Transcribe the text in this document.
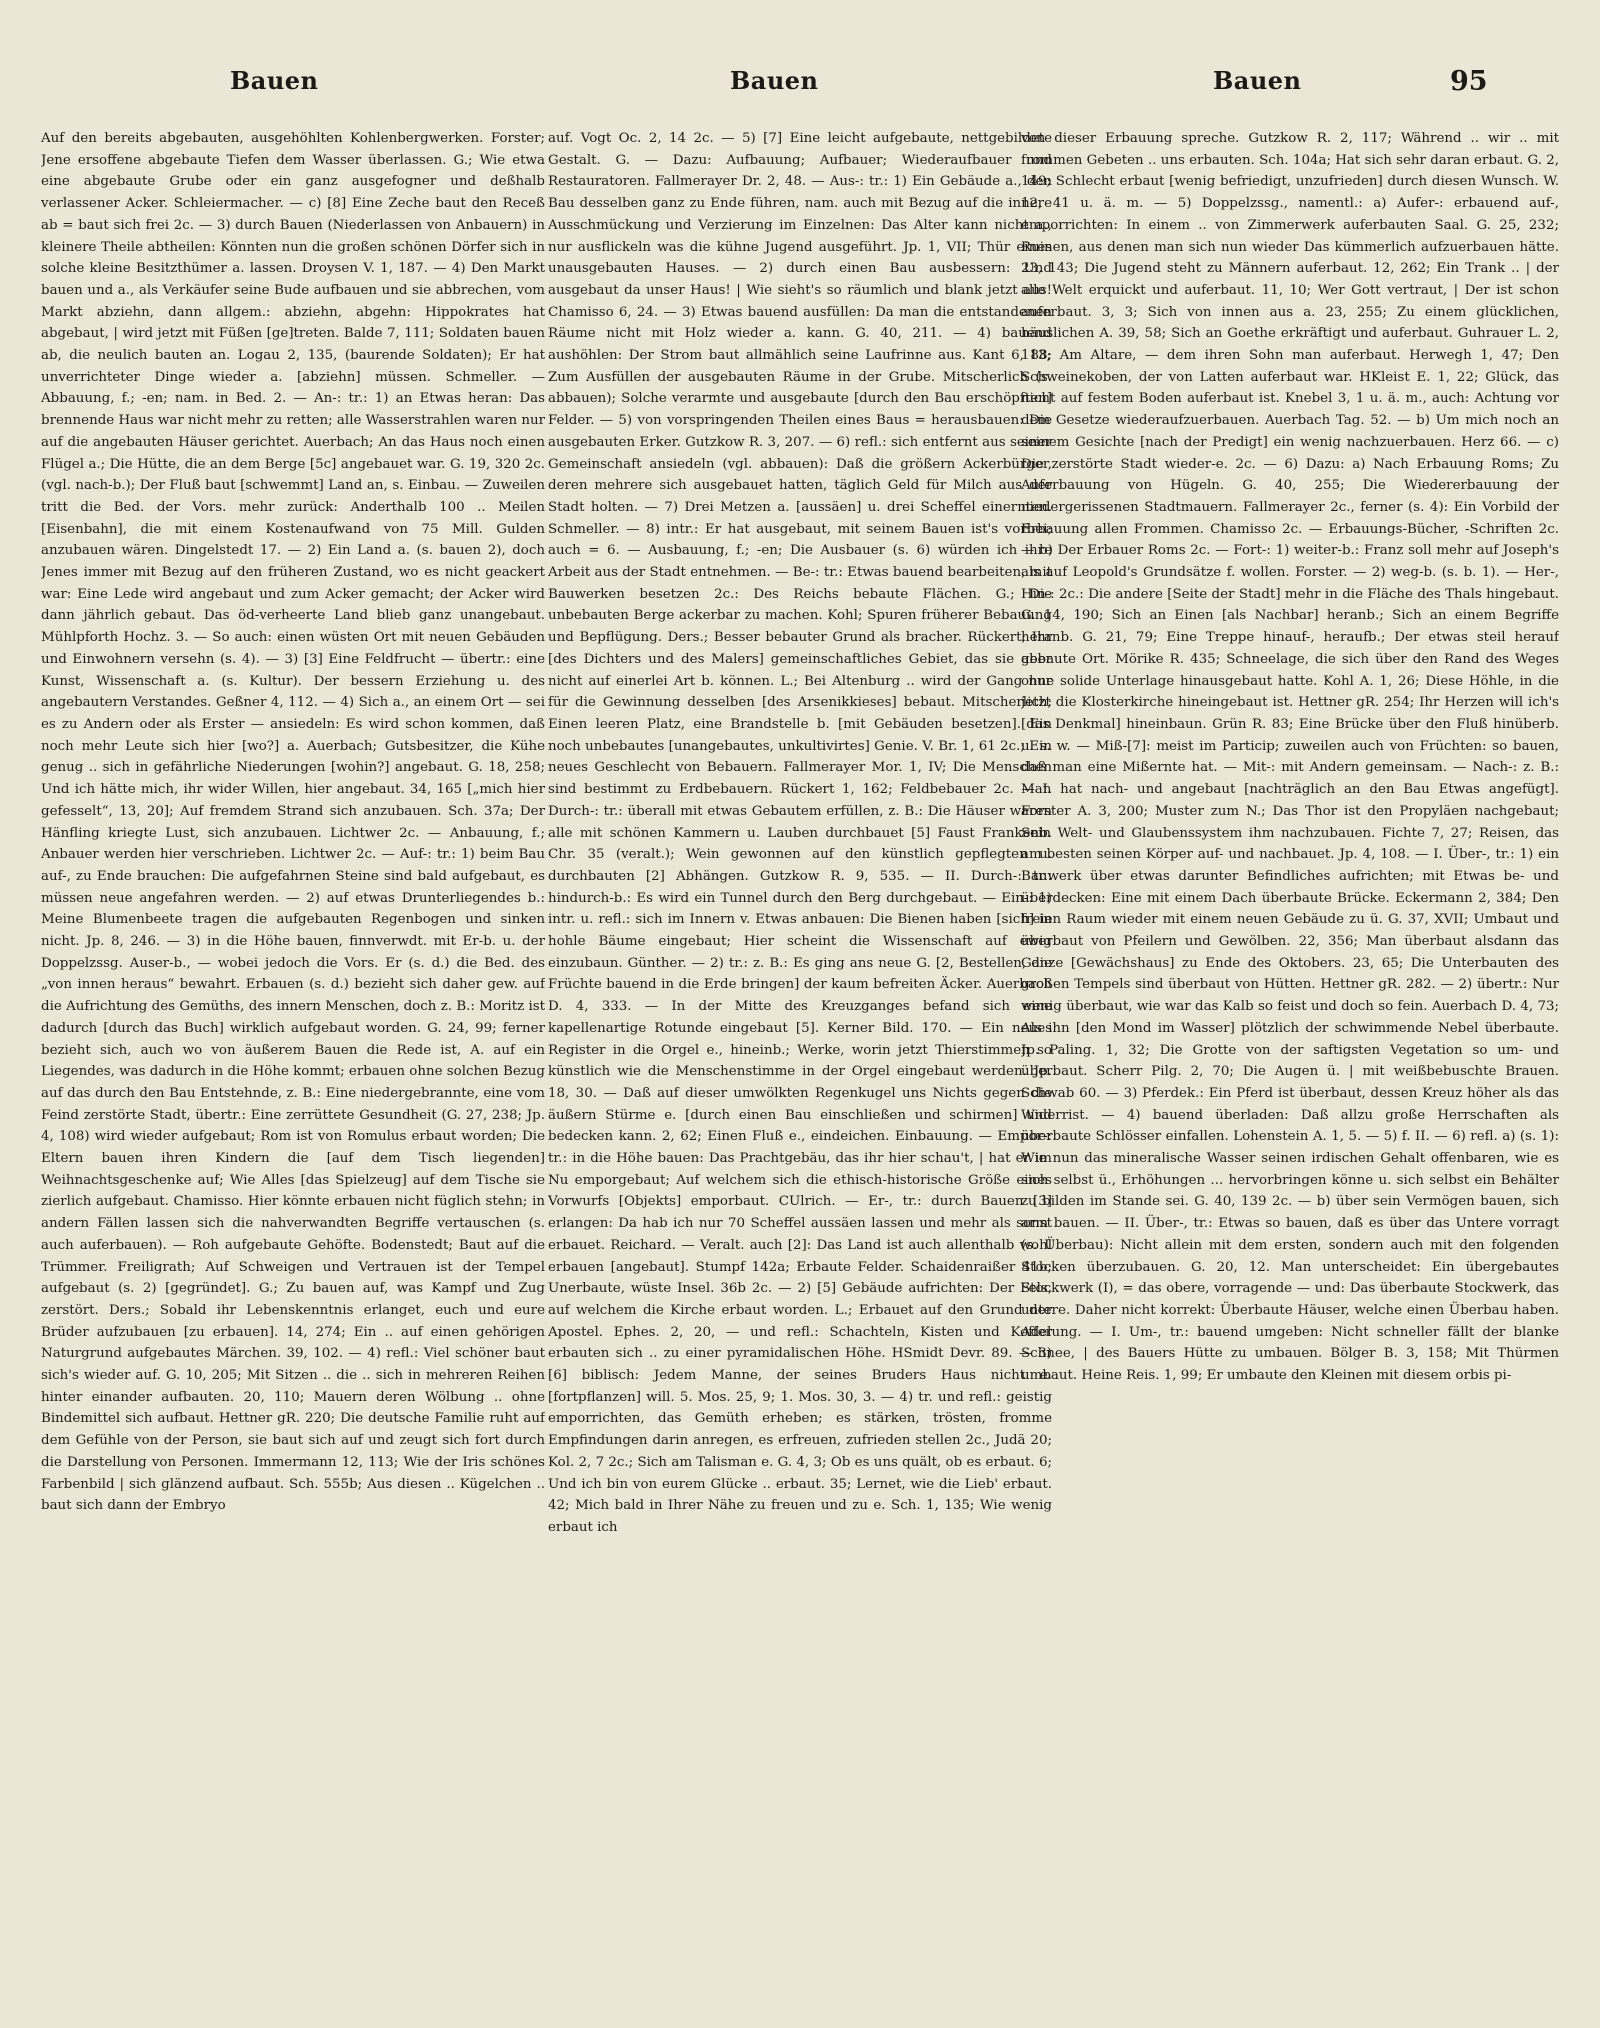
Bauen	Bauen	Bauen	95

Auf den bereits abgebauten, ausgehöhlten Kohlenbergwerken. Forster; Jene ersoffene abgebaute Tiefen dem Wasser überlassen. G.; Wie etwa eine abgebaute Grube oder ein ganz ausgefogner und deßhalb verlassener Acker. Schleiermacher. — c) [8] Eine Zeche baut den Receß ab = baut sich frei 2c. — 3) durch Bauen (Niederlassen von Anbauern) in kleinere Theile abtheilen: Könnten nun die großen schönen Dörfer sich in solche kleine Besitzthümer a. lassen. Droysen V. 1, 187. — 4) Den Markt bauen und a., als Verkäufer seine Bude aufbauen und sie abbrechen, vom Markt abziehn, dann allgem.: abziehn, abgehn: Hippokrates hat abgebaut, | wird jetzt mit Füßen [ge]treten. Balde 7, 111; Soldaten bauen ab, die neulich bauten an. Logau 2, 135, (baurende Soldaten); Er hat unverrichteter Dinge wieder a. [abziehn] müssen. Schmeller. — Abbauung, f.; -en; nam. in Bed. 2. — An-: tr.: 1) an Etwas heran: Das brennende Haus war nicht mehr zu retten; alle Wasserstrahlen waren nur auf die angebauten Häuser gerichtet. Auerbach; An das Haus noch einen Flügel a.; Die Hütte, die an dem Berge [5c] angebauet war. G. 19, 320 2c. (vgl. nach-b.); Der Fluß baut [schwemmt] Land an, s. Einbau. — Zuweilen tritt die Bed. der Vors. mehr zurück: Anderthalb 100 .. Meilen [Eisenbahn], die mit einem Kostenaufwand von 75 Mill. Gulden anzubauen wären. Dingelstedt 17. — 2) Ein Land a. (s. bauen 2), doch Jenes immer mit Bezug auf den früheren Zustand, wo es nicht geackert war: Eine Lede wird angebaut und zum Acker gemacht; der Acker wird dann jährlich gebaut. Das öd-verheerte Land blieb ganz unangebaut. Mühlpforth Hochz. 3. — So auch: einen wüsten Ort mit neuen Gebäuden und Einwohnern versehn (s. 4). — 3) [3] Eine Feldfrucht — übertr.: eine Kunst, Wissenschaft a. (s. Kultur). Der bessern Erziehung u. des angebautern Verstandes. Geßner 4, 112. — 4) Sich a., an einem Ort — sei es zu Andern oder als Erster — ansiedeln: Es wird schon kommen, daß noch mehr Leute sich hier [wo?] a. Auerbach; Gutsbesitzer, die Kühe genug .. sich in gefährliche Niederungen [wohin?] angebaut. G. 18, 258; Und ich hätte mich, ihr wider Willen, hier angebaut. 34, 165 [„mich hier gefesselt“, 13, 20]; Auf fremdem Strand sich anzubauen. Sch. 37a; Der Hänfling kriegte Lust, sich anzubauen. Lichtwer 2c. — Anbauung, f.; Anbauer werden hier verschrieben. Lichtwer 2c. — Auf-: tr.: 1) beim Bau auf-, zu Ende brauchen: Die aufgefahrnen Steine sind bald aufgebaut, es müssen neue angefahren werden. — 2) auf etwas Drunterliegendes b.: Meine Blumenbeete tragen die aufgebauten Regenbogen und sinken nicht. Jp. 8, 246. — 3) in die Höhe bauen, finnverwdt. mit Er-b. u. der Doppelzssg. Auser-b., — wobei jedoch die Vors. Er (s. d.) die Bed. des „von innen heraus“ bewahrt. Erbauen (s. d.) bezieht sich daher gew. auf die Aufrichtung des Gemüths, des innern Menschen, doch z. B.: Moritz ist dadurch [durch das Buch] wirklich aufgebaut worden. G. 24, 99; ferner bezieht sich, auch wo von äußerem Bauen die Rede ist, A. auf ein Liegendes, was dadurch in die Höhe kommt; erbauen ohne solchen Bezug auf das durch den Bau Entstehnde, z. B.: Eine niedergebrannte, eine vom Feind zerstörte Stadt, übertr.: Eine zerrüttete Gesundheit (G. 27, 238; Jp. 4, 108) wird wieder aufgebaut; Rom ist von Romulus erbaut worden; Die Eltern bauen ihren Kindern die [auf dem Tisch liegenden] Weihnachtsgeschenke auf; Wie Alles [das Spielzeug] auf dem Tische sie zierlich aufgebaut. Chamisso. Hier könnte erbauen nicht füglich stehn; in andern Fällen lassen sich die nahverwandten Begriffe vertauschen (s. auch auferbauen). — Roh aufgebaute Gehöfte. Bodenstedt; Baut auf die Trümmer. Freiligrath; Auf Schweigen und Vertrauen ist der Tempel aufgebaut (s. 2) [gegründet]. G.; Zu bauen auf, was Kampf und Zug zerstört. Ders.; Sobald ihr Lebenskenntnis erlanget, euch und eure Brüder aufzubauen [zu erbauen]. 14, 274; Ein .. auf einen gehörigen Naturgrund aufgebautes Märchen. 39, 102. — 4) refl.: Viel schöner baut sich's wieder auf. G. 10, 205; Mit Sitzen .. die .. sich in mehreren Reihen hinter einander aufbauten. 20, 110; Mauern deren Wölbung .. ohne Bindemittel sich aufbaut. Hettner gR. 220; Die deutsche Familie ruht auf dem Gefühle von der Person, sie baut sich auf und zeugt sich fort durch die Darstellung von Personen. Immermann 12, 113; Wie der Iris schönes Farbenbild | sich glänzend aufbaut. Sch. 555b; Aus diesen .. Kügelchen .. baut sich dann der Embryo

auf. Vogt Oc. 2, 14 2c. — 5) [7] Eine leicht aufgebaute, nettgebildete Gestalt. G. — Dazu: Aufbauung; Aufbauer; Wiederaufbauer und Restauratoren. Fallmerayer Dr. 2, 48. — Aus-: tr.: 1) Ein Gebäude a., den Bau desselben ganz zu Ende führen, nam. auch mit Bezug auf die innere Ausschmückung und Verzierung im Einzelnen: Das Alter kann nicht a., nur ausflickeln was die kühne Jugend ausgeführt. Jp. 1, VII; Thür eines unausgebauten Hauses. — 2) durch einen Bau ausbessern: Und ausgebaut da unser Haus! | Wie sieht's so räumlich und blank jetzt aus! Chamisso 6, 24. — 3) Etwas bauend ausfüllen: Da man die entstandenen Räume nicht mit Holz wieder a. kann. G. 40, 211. — 4) bauend aushöhlen: Der Strom baut allmählich seine Laufrinne aus. Kant 6, 88; Zum Ausfüllen der ausgebauten Räume in der Grube. Mitscherlich (s. abbauen); Solche verarmte und ausgebaute [durch den Bau erschöpften] Felder. — 5) von vorspringenden Theilen eines Baus = herausbauen: Die ausgebauten Erker. Gutzkow R. 3, 207. — 6) refl.: sich entfernt aus seiner Gemeinschaft ansiedeln (vgl. abbauen): Daß die größern Ackerbürger, deren mehrere sich ausgebauet hatten, täglich Geld für Milch aus der Stadt holten. — 7) Drei Metzen a. [aussäen] u. drei Scheffel einernten. Schmeller. — 8) intr.: Er hat ausgebaut, mit seinem Bauen ist's vorbei; auch = 6. — Ausbauung, f.; -en; Die Ausbauer (s. 6) würden ich ihre Arbeit aus der Stadt entnehmen. — Be-: tr.: Etwas bauend bearbeiten, mit Bauwerken besetzen 2c.: Des Reichs bebaute Flächen. G.; Die unbebauten Berge ackerbar zu machen. Kohl; Spuren früherer Bebauung und Bepflügung. Ders.; Besser bebauter Grund als bracher. Rückert; Ihr [des Dichters und des Malers] gemeinschaftliches Gebiet, das sie aber nicht auf einerlei Art b. können. L.; Bei Altenburg .. wird der Gang nur für die Gewinnung desselben [des Arsenikkieses] bebaut. Mitscherlich; Einen leeren Platz, eine Brandstelle b. [mit Gebäuden besetzen]. Ein noch unbebautes [unangebautes, unkultivirtes] Genie. V. Br. 1, 61 2c.; Ein neues Geschlecht von Bebauern. Fallmerayer Mor. 1, IV; Die Menschen sind bestimmt zu Erdbebauern. Rückert 1, 162; Feldbebauer 2c. — I. Durch-: tr.: überall mit etwas Gebautem erfüllen, z. B.: Die Häuser waren alle mit schönen Kammern u. Lauben durchbauet [5] Faust Frankenb. Chr. 35 (veralt.); Wein gewonnen auf den künstlich gepflegten u. durchbauten [2] Abhängen. Gutzkow R. 9, 535. — II. Durch-: tr.: hindurch-b.: Es wird ein Tunnel durch den Berg durchgebaut. — Ein-: 1) intr. u. refl.: sich im Innern v. Etwas anbauen: Die Bienen haben [sich] in hohle Bäume eingebaut; Hier scheint die Wissenschaft auf ewig einzubaun. Günther. — 2) tr.: z. B.: Es ging ans neue G. [2, Bestellen, die Früchte bauend in die Erde bringen] der kaum befreiten Äcker. Auerbach D. 4, 333. — In der Mitte des Kreuzganges befand sich eine kapellenartige Rotunde eingebaut [5]. Kerner Bild. 170. — Ein neues Register in die Orgel e., hineinb.; Werke, worin jetzt Thierstimmen so künstlich wie die Menschenstimme in der Orgel eingebaut werden. Jp. 18, 30. — Daß auf dieser umwölkten Regenkugel uns Nichts gegen die äußern Stürme e. [durch einen Bau einschließen und schirmen] und bedecken kann. 2, 62; Einen Fluß e., eindeichen. Einbauung. — Empor-: tr.: in die Höhe bauen: Das Prachtgebäu, das ihr hier schau't, | hat er im Nu emporgebaut; Auf welchem sich die ethisch-historische Größe eines Vorwurfs [Objekts] emporbaut. CUlrich. — Er-, tr.: durch Bauen [3] erlangen: Da hab ich nur 70 Scheffel aussäen lassen und mehr als sonst erbauet. Reichard. — Veralt. auch [2]: Das Land ist auch allenthalb wohl erbauen [angebaut]. Stumpf 142a; Erbaute Felder. Schaidenraißer 41b; Unerbaute, wüste Insel. 36b 2c. — 2) [5] Gebäude aufrichten: Der Fels, auf welchem die Kirche erbaut worden. L.; Erbauet auf den Grund der Apostel. Ephes. 2, 20, — und refl.: Schachteln, Kisten und Koffer erbauten sich .. zu einer pyramidalischen Höhe. HSmidt Devr. 89. — 3) [6] biblisch: Jedem Manne, der seines Bruders Haus nicht e. [fortpflanzen] will. 5. Mos. 25, 9; 1. Mos. 30, 3. — 4) tr. und refl.: geistig emporrichten, das Gemüth erheben; es stärken, trösten, fromme Empfindungen darin anregen, es erfreuen, zufrieden stellen 2c., Judä 20; Kol. 2, 7 2c.; Sich am Talisman e. G. 4, 3; Ob es uns quält, ob es erbaut. 6; Und ich bin von eurem Glücke .. erbaut. 35; Lernet, wie die Lieb' erbaut. 42; Mich bald in Ihrer Nähe zu freuen und zu e. Sch. 1, 135; Wie wenig erbaut ich

von dieser Erbauung spreche. Gutzkow R. 2, 117; Während .. wir .. mit frommen Gebeten .. uns erbauten. Sch. 104a; Hat sich sehr daran erbaut. G. 2, 149; Schlecht erbaut [wenig befriedigt, unzufrieden] durch diesen Wunsch. W. 12, 41 u. ä. m. — 5) Doppelzssg., namentl.: a) Aufer-: erbauend auf-, emporrichten: In einem .. von Zimmerwerk auferbauten Saal. G. 25, 232; Ruinen, aus denen man sich nun wieder Das kümmerlich aufzuerbauen hätte. 23, 143; Die Jugend steht zu Männern auferbaut. 12, 262; Ein Trank .. | der alle Welt erquickt und auferbaut. 11, 10; Wer Gott vertraut, | Der ist schon auferbaut. 3, 3; Sich von innen aus a. 23, 255; Zu einem glücklichen, häuslichen A. 39, 58; Sich an Goethe erkräftigt und auferbaut. Guhrauer L. 2, 113; Am Altare, — dem ihren Sohn man auferbaut. Herwegh 1, 47; Den Schweinekoben, der von Latten auferbaut war. HKleist E. 1, 22; Glück, das nicht auf festem Boden auferbaut ist. Knebel 3, 1 u. ä. m., auch: Achtung vor dem Gesetze wiederaufzuerbauen. Auerbach Tag. 52. — b) Um mich noch an seinem Gesichte [nach der Predigt] ein wenig nachzuerbauen. Herz 66. — c) Die zerstörte Stadt wieder-e. 2c. — 6) Dazu: a) Nach Erbauung Roms; Zu Auferbauung von Hügeln. G. 40, 255; Die Wiedererbauung der niedergerissenen Stadtmauern. Fallmerayer 2c., ferner (s. 4): Ein Vorbild der Erbauung allen Frommen. Chamisso 2c. — Erbauungs-Bücher, -Schriften 2c. — b) Der Erbauer Roms 2c. — Fort-: 1) weiter-b.: Franz soll mehr auf Joseph's als auf Leopold's Grundsätze f. wollen. Forster. — 2) weg-b. (s. b. 1). — Her-, Hin-: 2c.: Die andere [Seite der Stadt] mehr in die Fläche des Thals hingebaut. G. 14, 190; Sich an Einen [als Nachbar] heranb.; Sich an einem Begriffe heranb. G. 21, 79; Eine Treppe hinauf-, heraufb.; Der etwas steil herauf gebaute Ort. Mörike R. 435; Schneelage, die sich über den Rand des Weges ohne solide Unterlage hinausgebaut hatte. Kohl A. 1, 26; Diese Höhle, in die jetzt die Klosterkirche hineingebaut ist. Hettner gR. 254; Ihr Herzen will ich's [das Denkmal] hineinbaun. Grün R. 83; Eine Brücke über den Fluß hinüberb. u. s. w. — Miß-[7]: meist im Particip; zuweilen auch von Früchten: so bauen, daß man eine Mißernte hat. — Mit-: mit Andern gemeinsam. — Nach-: z. B.: Man hat nach- und angebaut [nachträglich an den Bau Etwas angefügt]. Forster A. 3, 200; Muster zum N.; Das Thor ist den Propyläen nachgebaut; Sein Welt- und Glaubenssystem ihm nachzubauen. Fichte 7, 27; Reisen, das am besten seinen Körper auf- und nachbauet. Jp. 4, 108. — I. Über-, tr.: 1) ein Bauwerk über etwas darunter Befindliches aufrichten; mit Etwas be- und überdecken: Eine mit einem Dach überbaute Brücke. Eckermann 2, 384; Den freien Raum wieder mit einem neuen Gebäude zu ü. G. 37, XVII; Umbaut und überbaut von Pfeilern und Gewölben. 22, 356; Man überbaut alsdann das Ganze [Gewächshaus] zu Ende des Oktobers. 23, 65; Die Unterbauten des großen Tempels sind überbaut von Hütten. Hettner gR. 282. — 2) übertr.: Nur wenig überbaut, wie war das Kalb so feist und doch so fein. Auerbach D. 4, 73; Als ihn [den Mond im Wasser] plötzlich der schwimmende Nebel überbaute. Jp. Paling. 1, 32; Die Grotte von der saftigsten Vegetation so um- und überbaut. Scherr Pilg. 2, 70; Die Augen ü. | mit weißbebuschte Brauen. Schwab 60. — 3) Pferdek.: Ein Pferd ist überbaut, dessen Kreuz höher als das Widerrist. — 4) bauend überladen: Daß allzu große Herrschaften als überbaute Schlösser einfallen. Lohenstein A. 1, 5. — 5) f. II. — 6) refl. a) (s. 1): Wie nun das mineralische Wasser seinen irdischen Gehalt offenbaren, wie es sich selbst ü., Erhöhungen ... hervorbringen könne u. sich selbst ein Behälter zu bilden im Stande sei. G. 40, 139 2c. — b) über sein Vermögen bauen, sich arm bauen. — II. Über-, tr.: Etwas so bauen, daß es über das Untere vorragt (s. Überbau): Nicht allein mit dem ersten, sondern auch mit den folgenden Stocken überzubauen. G. 20, 12. Man unterscheidet: Ein übergebautes Stockwerk (I), = das obere, vorragende — und: Das überbaute Stockwerk, das untere. Daher nicht korrekt: Überbaute Häuser, welche einen Überbau haben. Adelung. — I. Um-, tr.: bauend umgeben: Nicht schneller fällt der blanke Schnee, | des Bauers Hütte zu umbauen. Bölger B. 3, 158; Mit Thürmen umbaut. Heine Reis. 1, 99; Er umbaute den Kleinen mit diesem orbis pi-
